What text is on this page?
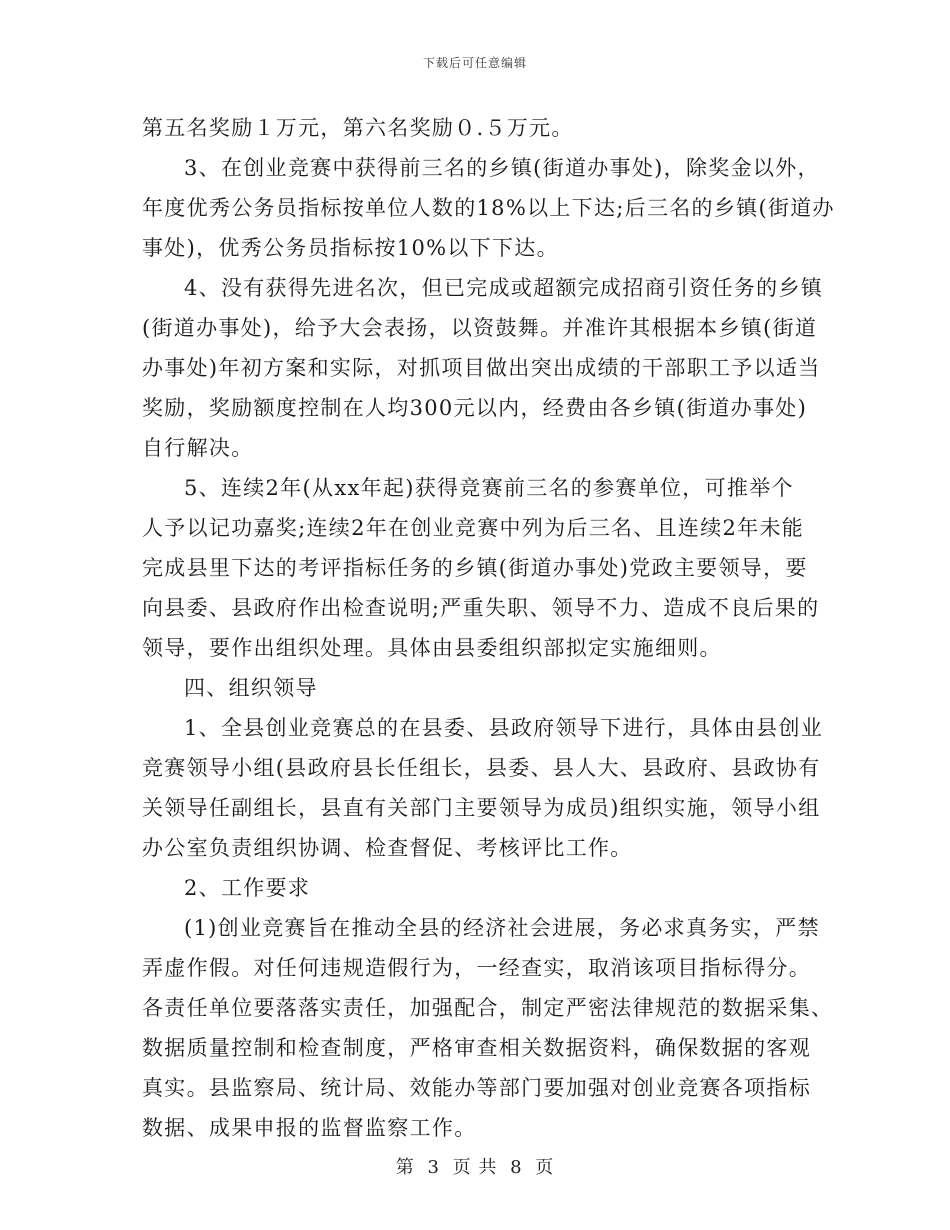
下载后可任意编辑
第五名奖励１万元，第六名奖励０.５万元。
3、在创业竞赛中获得前三名的乡镇(街道办事处)，除奖金以外，
年度优秀公务员指标按单位人数的18%以上下达;后三名的乡镇(街道办
事处)，优秀公务员指标按10%以下下达。
4、没有获得先进名次，但已完成或超额完成招商引资任务的乡镇
(街道办事处)，给予大会表扬，以资鼓舞。并准许其根据本乡镇(街道
办事处)年初方案和实际，对抓项目做出突出成绩的干部职工予以适当
奖励，奖励额度控制在人均300元以内，经费由各乡镇(街道办事处)
自行解决。
5、连续2年(从xx年起)获得竞赛前三名的参赛单位，可推举个
人予以记功嘉奖;连续2年在创业竞赛中列为后三名、且连续2年未能
完成县里下达的考评指标任务的乡镇(街道办事处)党政主要领导，要
向县委、县政府作出检查说明;严重失职、领导不力、造成不良后果的
领导，要作出组织处理。具体由县委组织部拟定实施细则。
四、组织领导
1、全县创业竞赛总的在县委、县政府领导下进行，具体由县创业
竞赛领导小组(县政府县长任组长，县委、县人大、县政府、县政协有
关领导任副组长，县直有关部门主要领导为成员)组织实施，领导小组
办公室负责组织协调、检查督促、考核评比工作。
2、工作要求
(1)创业竞赛旨在推动全县的经济社会进展，务必求真务实，严禁
弄虚作假。对任何违规造假行为，一经查实，取消该项目指标得分。
各责任单位要落落实责任，加强配合，制定严密法律规范的数据采集、
数据质量控制和检查制度，严格审查相关数据资料，确保数据的客观
真实。县监察局、统计局、效能办等部门要加强对创业竞赛各项指标
数据、成果申报的监督监察工作。
第 3 页 共 8 页
